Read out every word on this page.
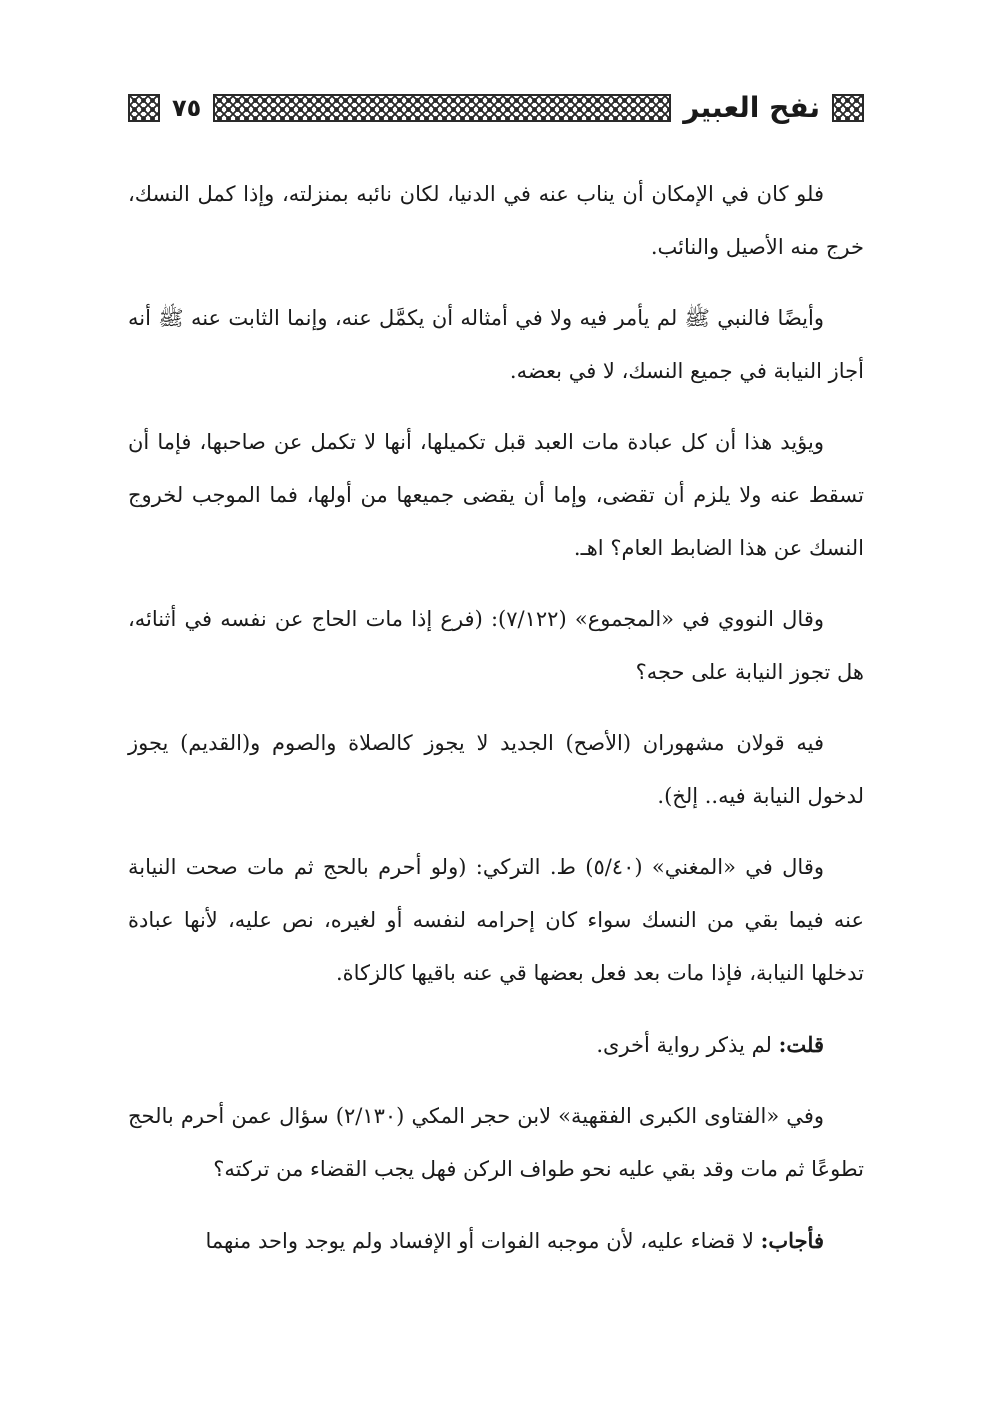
نفح العبير
٧٥

فلو كان في الإمكان أن يناب عنه في الدنيا، لكان نائبه بمنزلته، وإذا كمل النسك، خرج منه الأصيل والنائب.

وأيضًا فالنبي ﷺ لم يأمر فيه ولا في أمثاله أن يكمَّل عنه، وإنما الثابت عنه ﷺ أنه أجاز النيابة في جميع النسك، لا في بعضه.

ويؤيد هذا أن كل عبادة مات العبد قبل تكميلها، أنها لا تكمل عن صاحبها، فإما أن تسقط عنه ولا يلزم أن تقضى، وإما أن يقضى جميعها من أولها، فما الموجب لخروج النسك عن هذا الضابط العام؟ اهـ.

وقال النووي في «المجموع» (٧/١٢٢): (فرع إذا مات الحاج عن نفسه في أثنائه، هل تجوز النيابة على حجه؟

فيه قولان مشهوران (الأصح) الجديد لا يجوز كالصلاة والصوم و(القديم) يجوز لدخول النيابة فيه.. إلخ).

وقال في «المغني» (٥/٤٠) ط. التركي: (ولو أحرم بالحج ثم مات صحت النيابة عنه فيما بقي من النسك سواء كان إحرامه لنفسه أو لغيره، نص عليه، لأنها عبادة تدخلها النيابة، فإذا مات بعد فعل بعضها قي عنه باقيها كالزكاة.

قلت: لم يذكر رواية أخرى.

وفي «الفتاوى الكبرى الفقهية» لابن حجر المكي (٢/١٣٠) سؤال عمن أحرم بالحج تطوعًا ثم مات وقد بقي عليه نحو طواف الركن فهل يجب القضاء من تركته؟

فأجاب: لا قضاء عليه، لأن موجبه الفوات أو الإفساد ولم يوجد واحد منهما
